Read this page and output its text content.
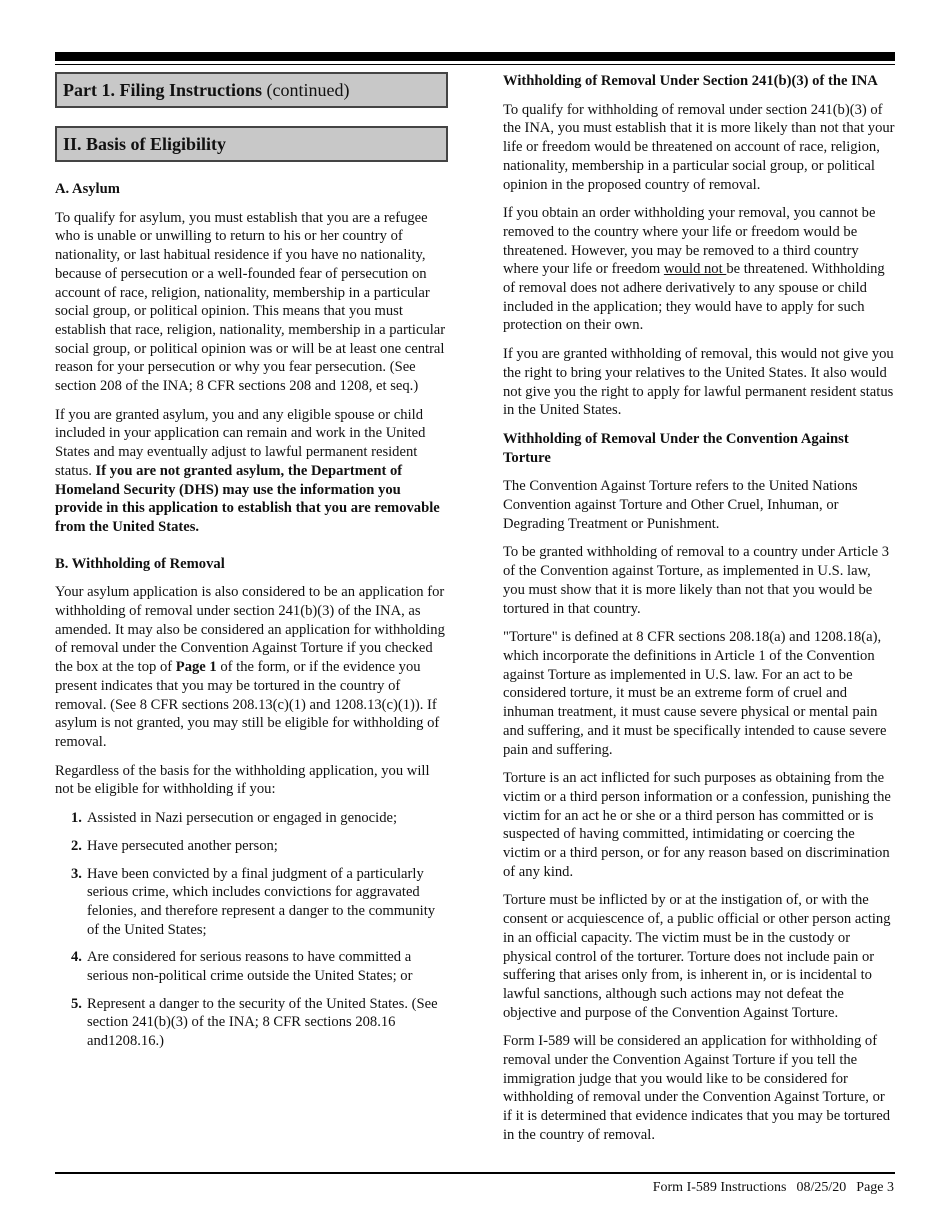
Part 1. Filing Instructions (continued)
II. Basis of Eligibility
A. Asylum

To qualify for asylum, you must establish that you are a refugee who is unable or unwilling to return to his or her country of nationality, or last habitual residence if you have no nationality, because of persecution or a well-founded fear of persecution on account of race, religion, nationality, membership in a particular social group, or political opinion. This means that you must establish that race, religion, nationality, membership in a particular social group, or political opinion was or will be at least one central reason for your persecution or why you fear persecution. (See section 208 of the INA; 8 CFR sections 208 and 1208, et seq.)

If you are granted asylum, you and any eligible spouse or child included in your application can remain and work in the United States and may eventually adjust to lawful permanent resident status. If you are not granted asylum, the Department of Homeland Security (DHS) may use the information you provide in this application to establish that you are removable from the United States.

B. Withholding of Removal

Your asylum application is also considered to be an application for withholding of removal under section 241(b)(3) of the INA, as amended. It may also be considered an application for withholding of removal under the Convention Against Torture if you checked the box at the top of Page 1 of the form, or if the evidence you present indicates that you may be tortured in the country of removal. (See 8 CFR sections 208.13(c)(1) and 1208.13(c)(1)). If asylum is not granted, you may still be eligible for withholding of removal.

Regardless of the basis for the withholding application, you will not be eligible for withholding if you:

1. Assisted in Nazi persecution or engaged in genocide;
2. Have persecuted another person;
3. Have been convicted by a final judgment of a particularly serious crime, which includes convictions for aggravated felonies, and therefore represent a danger to the community of the United States;
4. Are considered for serious reasons to have committed a serious non-political crime outside the United States; or
5. Represent a danger to the security of the United States. (See section 241(b)(3) of the INA; 8 CFR sections 208.16 and1208.16.)
Withholding of Removal Under Section 241(b)(3) of the INA

To qualify for withholding of removal under section 241(b)(3) of the INA, you must establish that it is more likely than not that your life or freedom would be threatened on account of race, religion, nationality, membership in a particular social group, or political opinion in the proposed country of removal.

If you obtain an order withholding your removal, you cannot be removed to the country where your life or freedom would be threatened. However, you may be removed to a third country where your life or freedom would not be threatened. Withholding of removal does not adhere derivatively to any spouse or child included in the application; they would have to apply for such protection on their own.

If you are granted withholding of removal, this would not give you the right to bring your relatives to the United States. It also would not give you the right to apply for lawful permanent resident status in the United States.

Withholding of Removal Under the Convention Against Torture

The Convention Against Torture refers to the United Nations Convention against Torture and Other Cruel, Inhuman, or Degrading Treatment or Punishment.

To be granted withholding of removal to a country under Article 3 of the Convention against Torture, as implemented in U.S. law, you must show that it is more likely than not that you would be tortured in that country.

"Torture" is defined at 8 CFR sections 208.18(a) and 1208.18(a), which incorporate the definitions in Article 1 of the Convention against Torture as implemented in U.S. law. For an act to be considered torture, it must be an extreme form of cruel and inhuman treatment, it must cause severe physical or mental pain and suffering, and it must be specifically intended to cause severe pain and suffering.

Torture is an act inflicted for such purposes as obtaining from the victim or a third person information or a confession, punishing the victim for an act he or she or a third person has committed or is suspected of having committed, intimidating or coercing the victim or a third person, or for any reason based on discrimination of any kind.

Torture must be inflicted by or at the instigation of, or with the consent or acquiescence of, a public official or other person acting in an official capacity. The victim must be in the custody or physical control of the torturer. Torture does not include pain or suffering that arises only from, is inherent in, or is incidental to lawful sanctions, although such actions may not defeat the objective and purpose of the Convention Against Torture.

Form I-589 will be considered an application for withholding of removal under the Convention Against Torture if you tell the immigration judge that you would like to be considered for withholding of removal under the Convention Against Torture, or if it is determined that evidence indicates that you may be tortured in the country of removal.

Form I-589 Instructions 08/25/20 Page 3
